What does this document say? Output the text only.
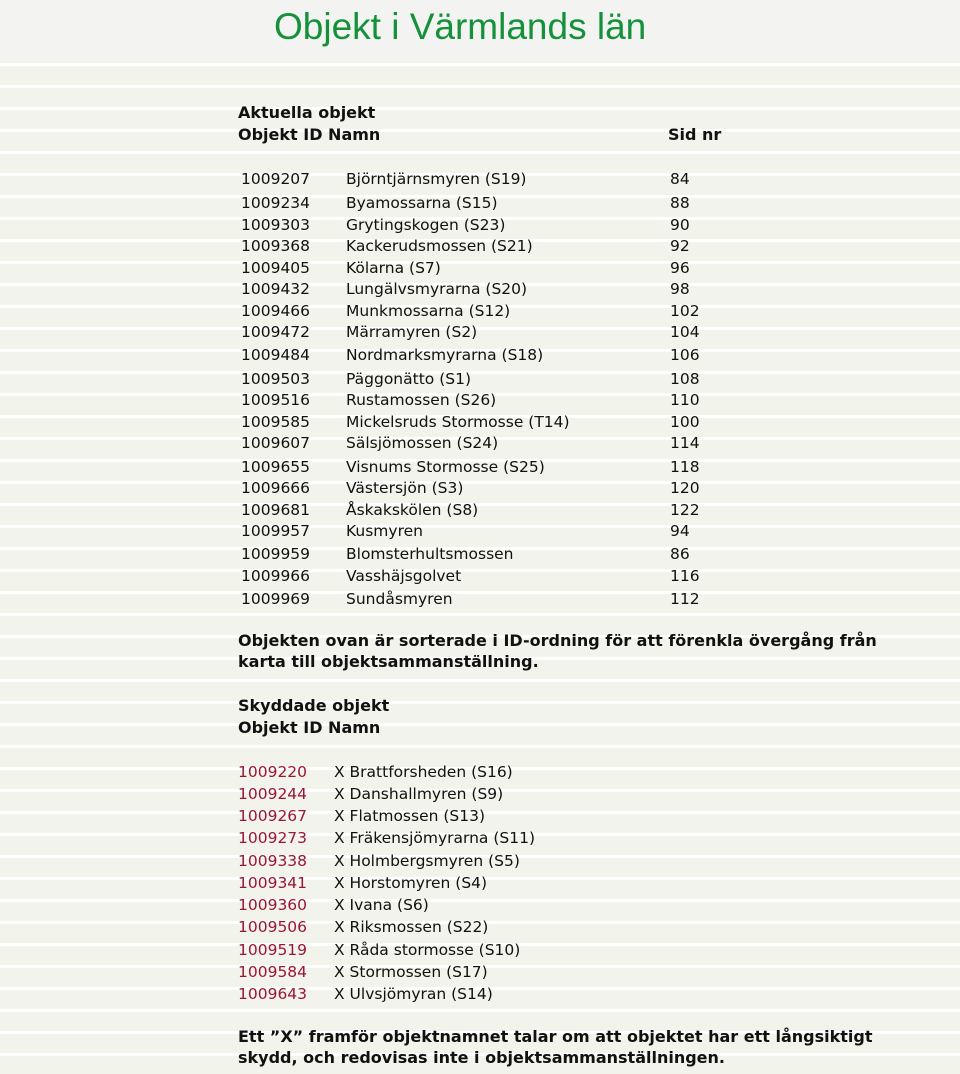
Objekt i Värmlands län
Aktuella objekt
Objekt ID Namn	Sid nr
1009207 Björntjärnsmyren (S19)	84
1009234 Byamossarna (S15)	88
1009303 Grytingskogen (S23)	90
1009368 Kackerudsmossen (S21)	92
1009405 Kölarna (S7)	96
1009432 Lungälvsmyrarna (S20)	98
1009466 Munkmossarna (S12)	102
1009472 Märramyren (S2)	104
1009484 Nordmarksmyrarna (S18)	106
1009503 Päggonätto (S1)	108
1009516 Rustamossen (S26)	110
1009585 Mickelsruds Stormosse (T14)	100
1009607 Sälsjömossen (S24)	114
1009655 Visnums Stormosse (S25)	118
1009666 Västersjön (S3)	120
1009681 Åskakskölen (S8)	122
1009957 Kusmyren	94
1009959 Blomsterhultsmossen	86
1009966 Vasshäjsgolvet	116
1009969 Sundåsmyren	112
Objekten ovan är sorterade i ID-ordning för att förenkla övergång från
karta till objektsammanställning.
Skyddade objekt
Objekt ID Namn
1009220 X Brattforsheden (S16)
1009244 X Danshallmyren (S9)
1009267 X Flatmossen (S13)
1009273 X Fräkensjömyrarna (S11)
1009338 X Holmbergsmyren (S5)
1009341 X Horstomyren (S4)
1009360 X Ivana (S6)
1009506 X Riksmossen (S22)
1009519 X Råda stormosse (S10)
1009584 X Stormossen (S17)
1009643 X Ulvsjömyran (S14)
Ett ”X” framför objektnamnet talar om att objektet har ett långsiktigt
skydd, och redovisas inte i objektsammanställningen.
